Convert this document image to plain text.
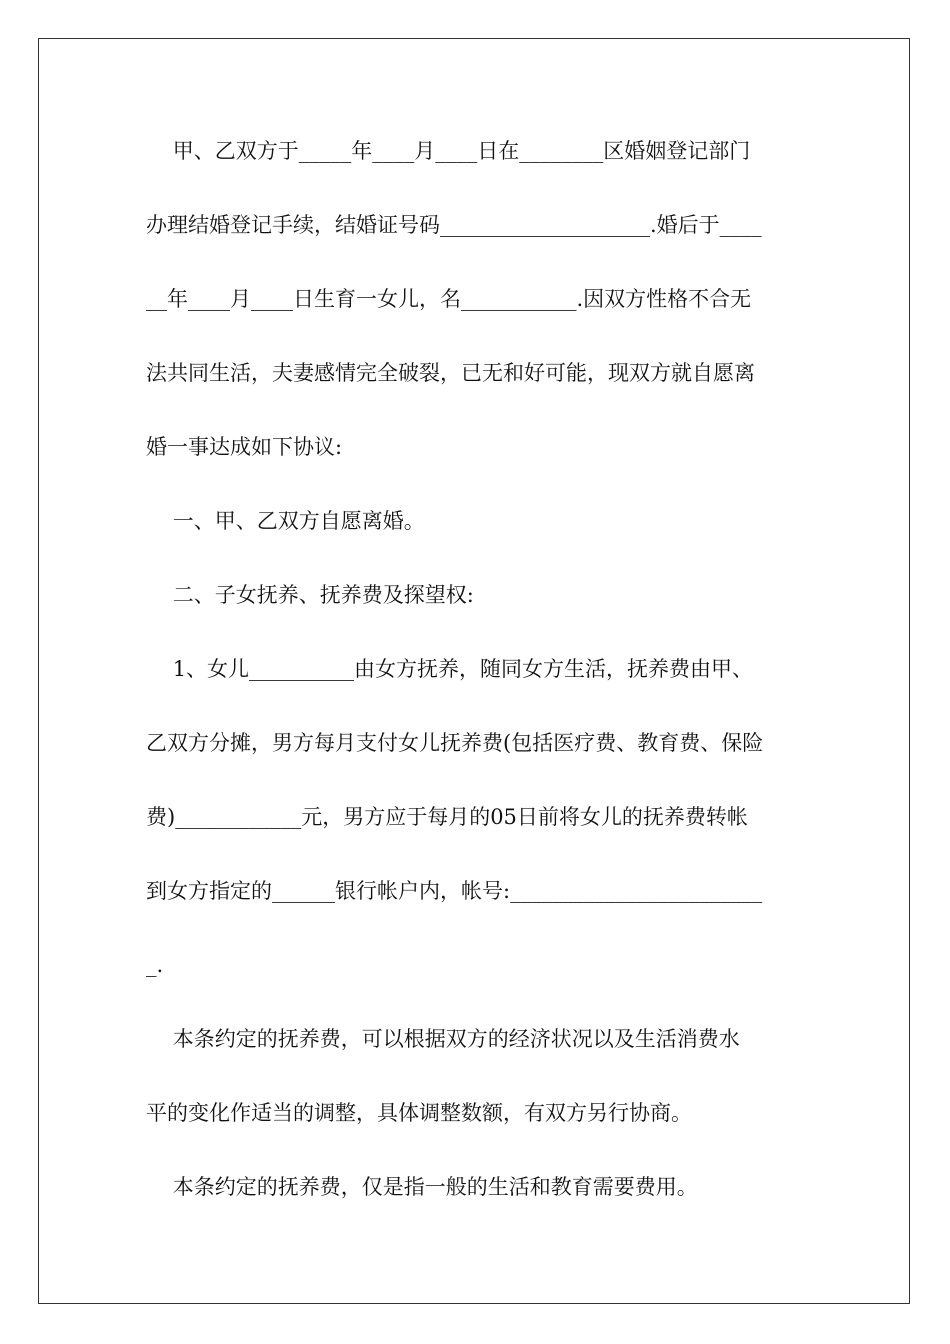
甲、乙双方于_____年____月____日在________区婚姻登记部门
办理结婚登记手续，结婚证号码____________________.婚后于____
__年____月____日生育一女儿，名___________.因双方性格不合无
法共同生活，夫妻感情完全破裂，已无和好可能，现双方就自愿离
婚一事达成如下协议:
一、甲、乙双方自愿离婚。
二、子女抚养、抚养费及探望权:
1、女儿__________由女方抚养，随同女方生活，抚养费由甲、
乙双方分摊，男方每月支付女儿抚养费(包括医疗费、教育费、保险
费)____________元，男方应于每月的05日前将女儿的抚养费转帐
到女方指定的______银行帐户内，帐号:________________________
_.
本条约定的抚养费，可以根据双方的经济状况以及生活消费水
平的变化作适当的调整，具体调整数额，有双方另行协商。
本条约定的抚养费，仅是指一般的生活和教育需要费用。
